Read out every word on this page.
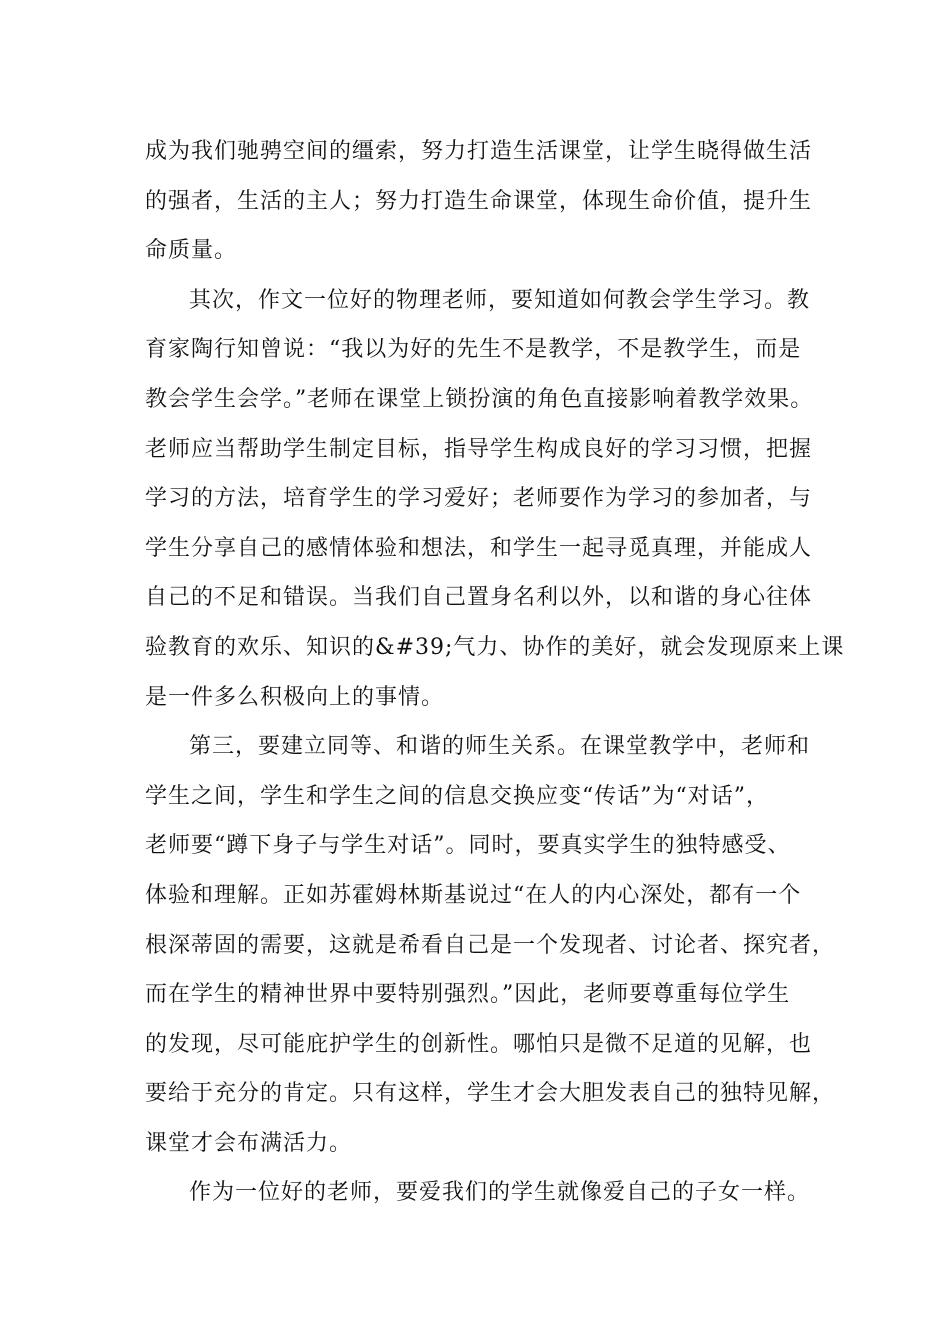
成为我们驰骋空间的缰索，努力打造生活课堂，让学生晓得做生活
的强者，生活的主人；努力打造生命课堂，体现生命价值，提升生
命质量。
其次，作文一位好的物理老师，要知道如何教会学生学习。教
育家陶行知曾说：“我以为好的先生不是教学，不是教学生，而是
教会学生会学。”老师在课堂上锁扮演的角色直接影响着教学效果。
老师应当帮助学生制定目标，指导学生构成良好的学习习惯，把握
学习的方法，培育学生的学习爱好；老师要作为学习的参加者，与
学生分享自己的感情体验和想法，和学生一起寻觅真理，并能成人
自己的不足和错误。当我们自己置身名利以外，以和谐的身心往体
验教育的欢乐、知识的&#39;气力、协作的美好，就会发现原来上课
是一件多么积极向上的事情。
第三，要建立同等、和谐的师生关系。在课堂教学中，老师和
学生之间，学生和学生之间的信息交换应变“传话”为“对话”，
老师要“蹲下身子与学生对话”。同时，要真实学生的独特感受、
体验和理解。正如苏霍姆林斯基说过“在人的内心深处，都有一个
根深蒂固的需要，这就是希看自己是一个发现者、讨论者、探究者，
而在学生的精神世界中要特别强烈。”因此，老师要尊重每位学生
的发现，尽可能庇护学生的创新性。哪怕只是微不足道的见解，也
要给于充分的肯定。只有这样，学生才会大胆发表自己的独特见解，
课堂才会布满活力。
作为一位好的老师，要爱我们的学生就像爱自己的子女一样。
